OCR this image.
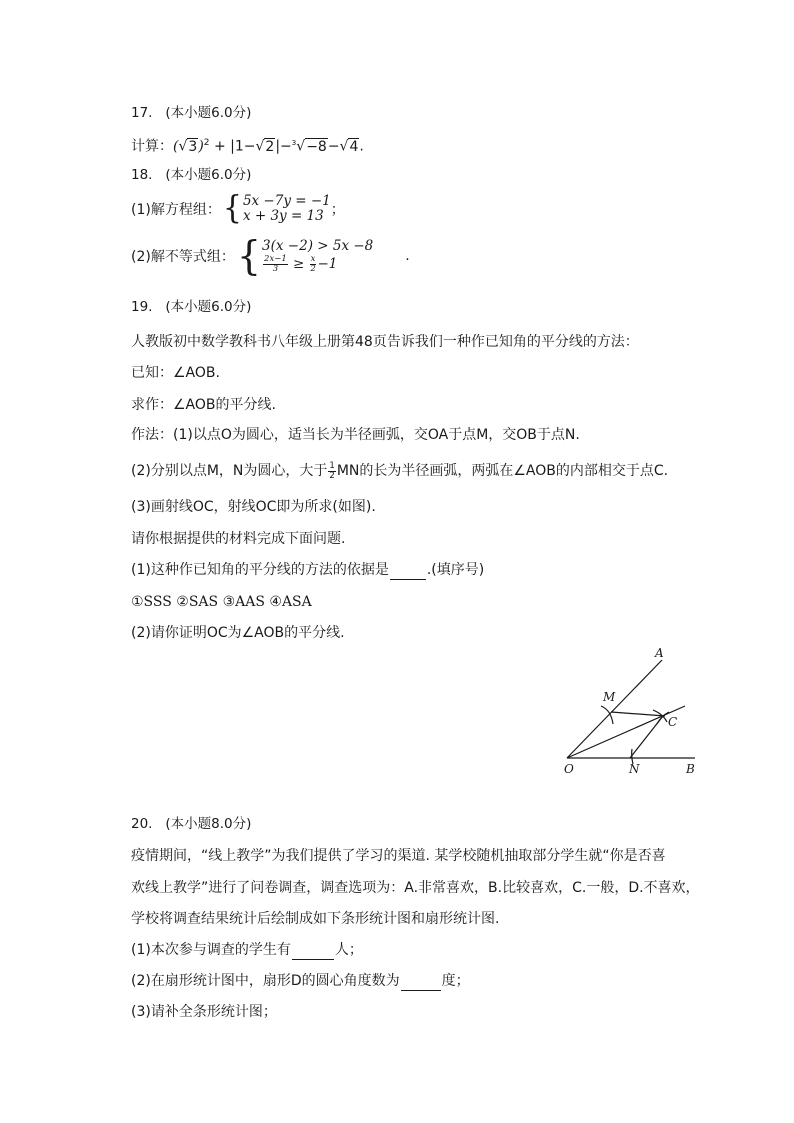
17. (本小题6.0分)
计算：$(√3)^2 + |1-√2|-^3√-8-√4$.
18. (本小题6.0分)
(1)解方程组： { 5x −7y = −1
x + 3y = 13 ；
(2)解不等式组： { 3(x −2) > 5x −8
$\frac{2x-1}{3} \ge \frac{x}{2} -1$
.
19. (本小题6.0分)
人教版初中数学教科书八年级上册第48页告诉我们一种作已知角的平分线的方法：
已知：∠AOB.
求作：∠AOB的平分线.
作法：(1)以点O为圆心，适当长为半径画弧，交OA于点M，交OB于点N.
(2)分别以点M，N为圆心，大于 $\frac{1}{2}$ MN的长为半径画弧，两弧在∠AOB的内部相交于点C.
(3)画射线OC，射线OC即为所求(如图).
请你根据提供的材料完成下面问题.
(1)这种作已知角的平分线的方法的依据是	.(填序号)
①SSS ②SAS ③AAS ④ASA
(2)请你证明OC为∠AOB的平分线.
A
M
C
O	N	B
20. (本小题8.0分)
疫情期间，“线上教学”为我们提供了学习的渠道. 某学校随机抽取部分学生就“你是否喜
欢线上教学”进行了问卷调查，调查选项为：A.非常喜欢，B.比较喜欢，C.一般，D.不喜欢，
学校将调查结果统计后绘制成如下条形统计图和扇形统计图.
(1)本次参与调查的学生有	人；
(2)在扇形统计图中，扇形D的圆心角度数为	度；
(3)请补全条形统计图；
